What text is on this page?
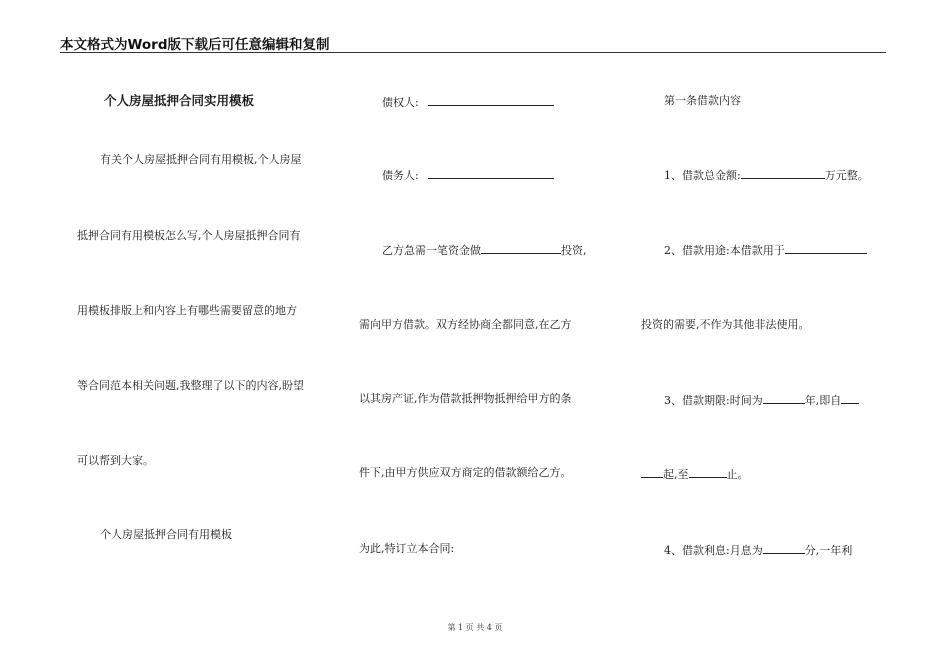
本文格式为Word版下载后可任意编辑和复制
个人房屋抵押合同实用模板
有关个人房屋抵押合同有用模板,个人房屋
抵押合同有用模板怎么写,个人房屋抵押合同有
用模板排版上和内容上有哪些需要留意的地方
等合同范本相关问题,我整理了以下的内容,盼望
可以帮到大家。
个人房屋抵押合同有用模板
债权人:
债务人:
乙方急需一笔资金做	投资,
需向甲方借款。双方经协商全都同意,在乙方
以其房产证,作为借款抵押物抵押给甲方的条
件下,由甲方供应双方商定的借款额给乙方。
为此,特订立本合同:
第一条借款内容
1、借款总金额:	万元整。
2、借款用途:本借款用于
投资的需要,不作为其他非法使用。
3、借款期限:时间为	年,即自
起,至	止。
4、借款利息:月息为	分,一年利
第 1 页 共 4 页
